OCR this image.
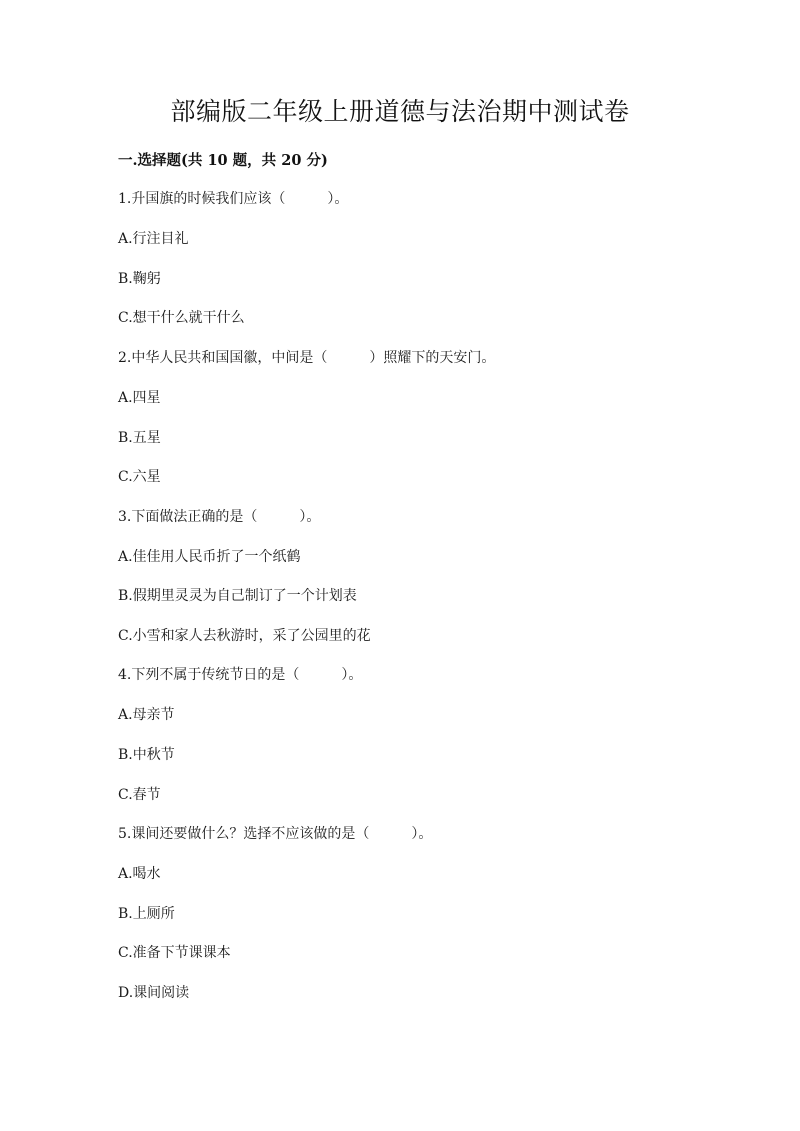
部编版二年级上册道德与法治期中测试卷

一.选择题(共 10 题，共 20 分)

1.升国旗的时候我们应该（　　　）。

A.行注目礼

B.鞠躬

C.想干什么就干什么

2.中华人民共和国国徽，中间是（　　　）照耀下的天安门。

A.四星

B.五星

C.六星

3.下面做法正确的是（　　　）。

A.佳佳用人民币折了一个纸鹤

B.假期里灵灵为自己制订了一个计划表

C.小雪和家人去秋游时，采了公园里的花

4.下列不属于传统节日的是（　　　）。

A.母亲节

B.中秋节

C.春节

5.课间还要做什么？选择不应该做的是（　　　）。

A.喝水

B.上厕所

C.准备下节课课本

D.课间阅读
